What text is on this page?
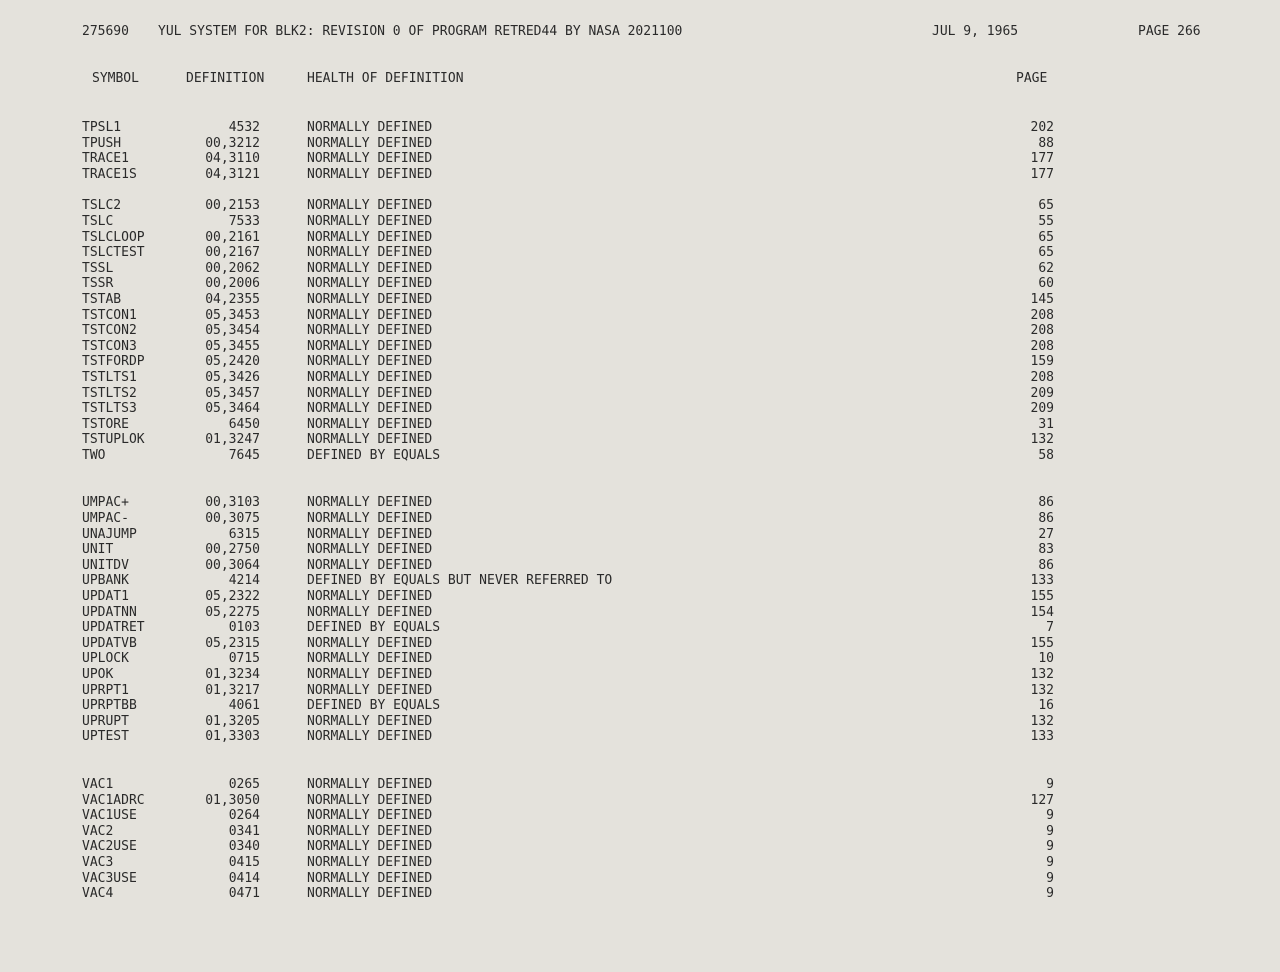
275690 YUL SYSTEM FOR BLK2: REVISION 0 OF PROGRAM RETRED44 BY NASA 2021100	JUL 9, 1965	PAGE 266
SYMBOL	DEFINITION	HEALTH OF DEFINITION	PAGE
TPSL1	4532	NORMALLY DEFINED	202
TPUSH	00,3212	NORMALLY DEFINED	88
TRACE1	04,3110	NORMALLY DEFINED	177
TRACE1S	04,3121	NORMALLY DEFINED	177
TSLC2	00,2153	NORMALLY DEFINED	65
TSLC	7533	NORMALLY DEFINED	55
TSLCLOOP	00,2161	NORMALLY DEFINED	65
TSLCTEST	00,2167	NORMALLY DEFINED	65
TSSL	00,2062	NORMALLY DEFINED	62
TSSR	00,2006	NORMALLY DEFINED	60
TSTAB	04,2355	NORMALLY DEFINED	145
TSTCON1	05,3453	NORMALLY DEFINED	208
TSTCON2	05,3454	NORMALLY DEFINED	208
TSTCON3	05,3455	NORMALLY DEFINED	208
TSTFORDP	05,2420	NORMALLY DEFINED	159
TSTLTS1	05,3426	NORMALLY DEFINED	208
TSTLTS2	05,3457	NORMALLY DEFINED	209
TSTLTS3	05,3464	NORMALLY DEFINED	209
TSTORE	6450	NORMALLY DEFINED	31
TSTUPLOK	01,3247	NORMALLY DEFINED	132
TWO	7645	DEFINED BY EQUALS	58
UMPAC+	00,3103	NORMALLY DEFINED	86
UMPAC-	00,3075	NORMALLY DEFINED	86
UNAJUMP	6315	NORMALLY DEFINED	27
UNIT	00,2750	NORMALLY DEFINED	83
UNITDV	00,3064	NORMALLY DEFINED	86
UPBANK	4214	DEFINED BY EQUALS BUT NEVER REFERRED TO	133
UPDAT1	05,2322	NORMALLY DEFINED	155
UPDATNN	05,2275	NORMALLY DEFINED	154
UPDATRET	0103	DEFINED BY EQUALS	7
UPDATVB	05,2315	NORMALLY DEFINED	155
UPLOCK	0715	NORMALLY DEFINED	10
UPOK	01,3234	NORMALLY DEFINED	132
UPRPT1	01,3217	NORMALLY DEFINED	132
UPRPTBB	4061	DEFINED BY EQUALS	16
UPRUPT	01,3205	NORMALLY DEFINED	132
UPTEST	01,3303	NORMALLY DEFINED	133
VAC1	0265	NORMALLY DEFINED	9
VAC1ADRC	01,3050	NORMALLY DEFINED	127
VAC1USE	0264	NORMALLY DEFINED	9
VAC2	0341	NORMALLY DEFINED	9
VAC2USE	0340	NORMALLY DEFINED	9
VAC3	0415	NORMALLY DEFINED	9
VAC3USE	0414	NORMALLY DEFINED	9
VAC4	0471	NORMALLY DEFINED	9
